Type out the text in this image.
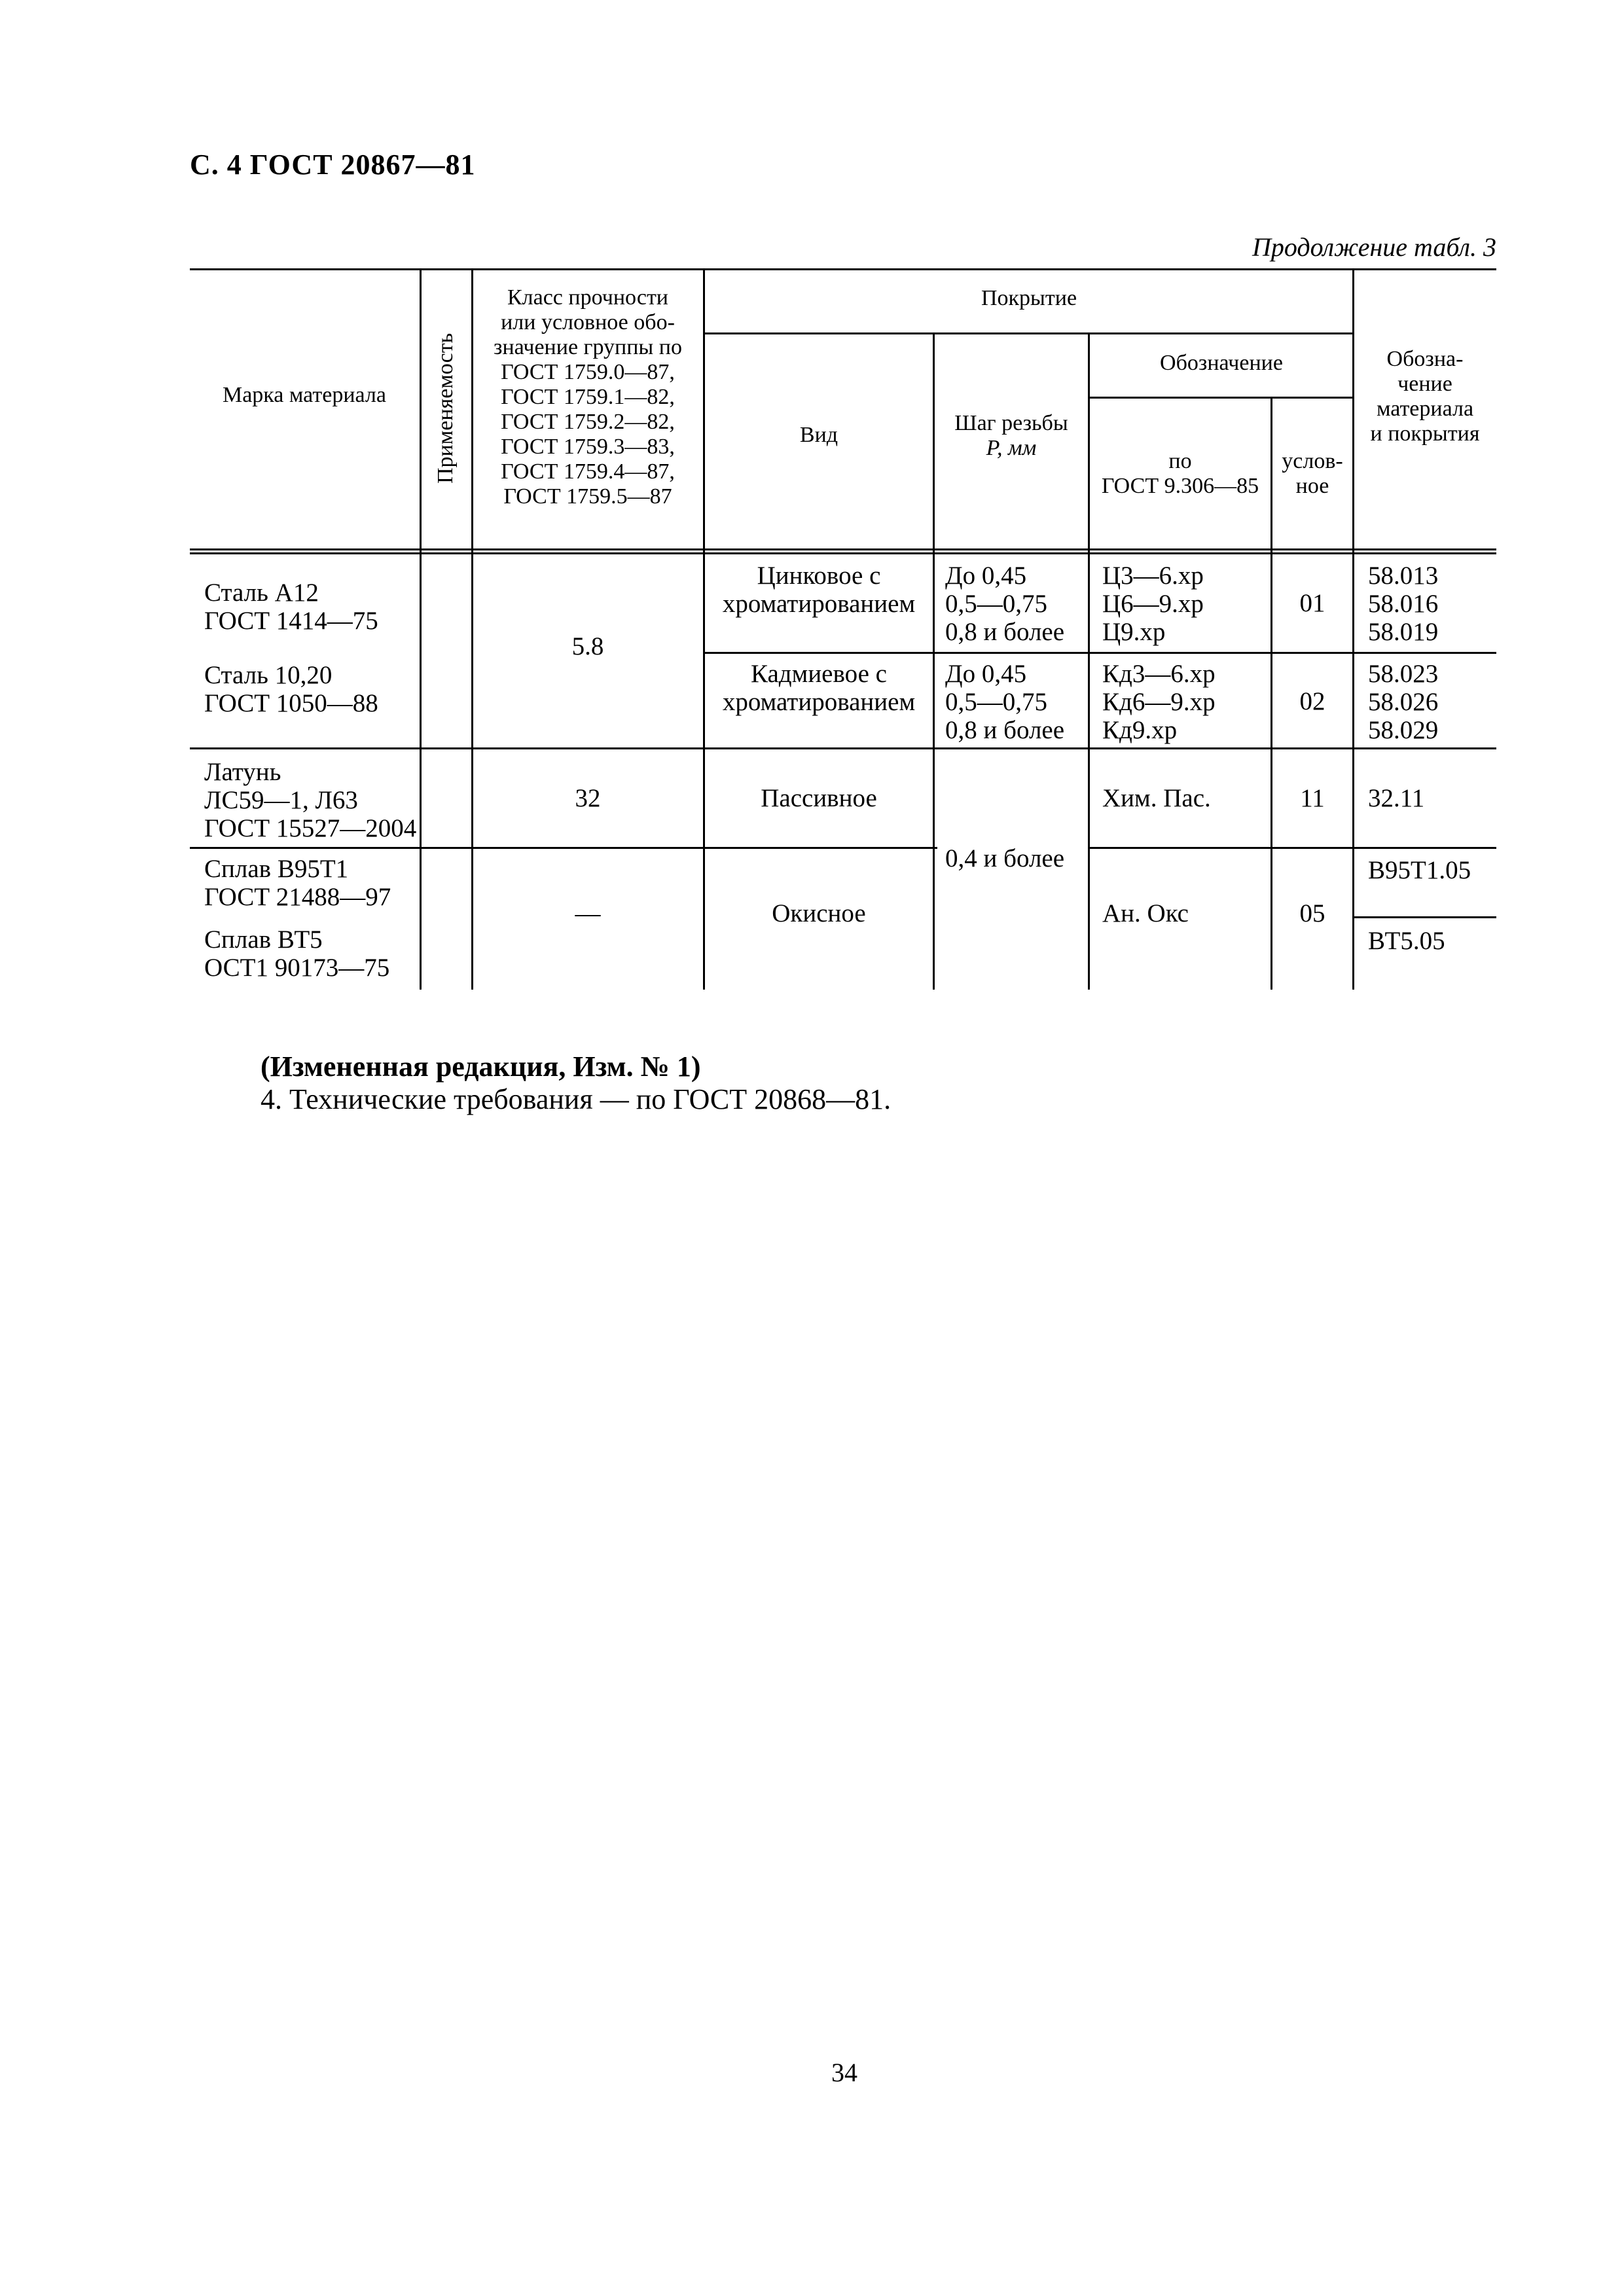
С. 4 ГОСТ 20867—81
Продолжение табл. 3
Марка материала	Применяемость
Класс прочности
или условное обо-
значение группы по
ГОСТ 1759.0—87,
ГОСТ 1759.1—82,
ГОСТ 1759.2—82,
ГОСТ 1759.3—83,
ГОСТ 1759.4—87,
ГОСТ 1759.5—87
Покрытие
Вид	Шаг резьбы
P, мм
Обозначение
по
ГОСТ 9.306—85
услов-
ное
Обозна-
чение
материала
и покрытия
Сталь А12
ГОСТ 1414—75
Сталь 10,20
ГОСТ 1050—88
Латунь
ЛС59—1, Л63
ГОСТ 15527—2004
Сплав В95Т1
ГОСТ 21488—97
Сплав ВТ5
ОСТ1 90173—75
5.8
32
—
Цинковое с
хроматированием
Кадмиевое с
хроматированием
Пассивное
Окисное
До 0,45
0,5—0,75
0,8 и более
До 0,45
0,5—0,75
0,8 и более
0,4 и более
Ц3—6.хр
Ц6—9.хр
Ц9.хр
Кд3—6.хр
Кд6—9.хр
Кд9.хр
Хим. Пас.
Ан. Окс
01
02
11
05
58.013
58.016
58.019
58.023
58.026
58.029
32.11
В95Т1.05
ВТ5.05
(Измененная редакция, Изм. № 1)
4. Технические требования — по ГОСТ 20868—81.
34
